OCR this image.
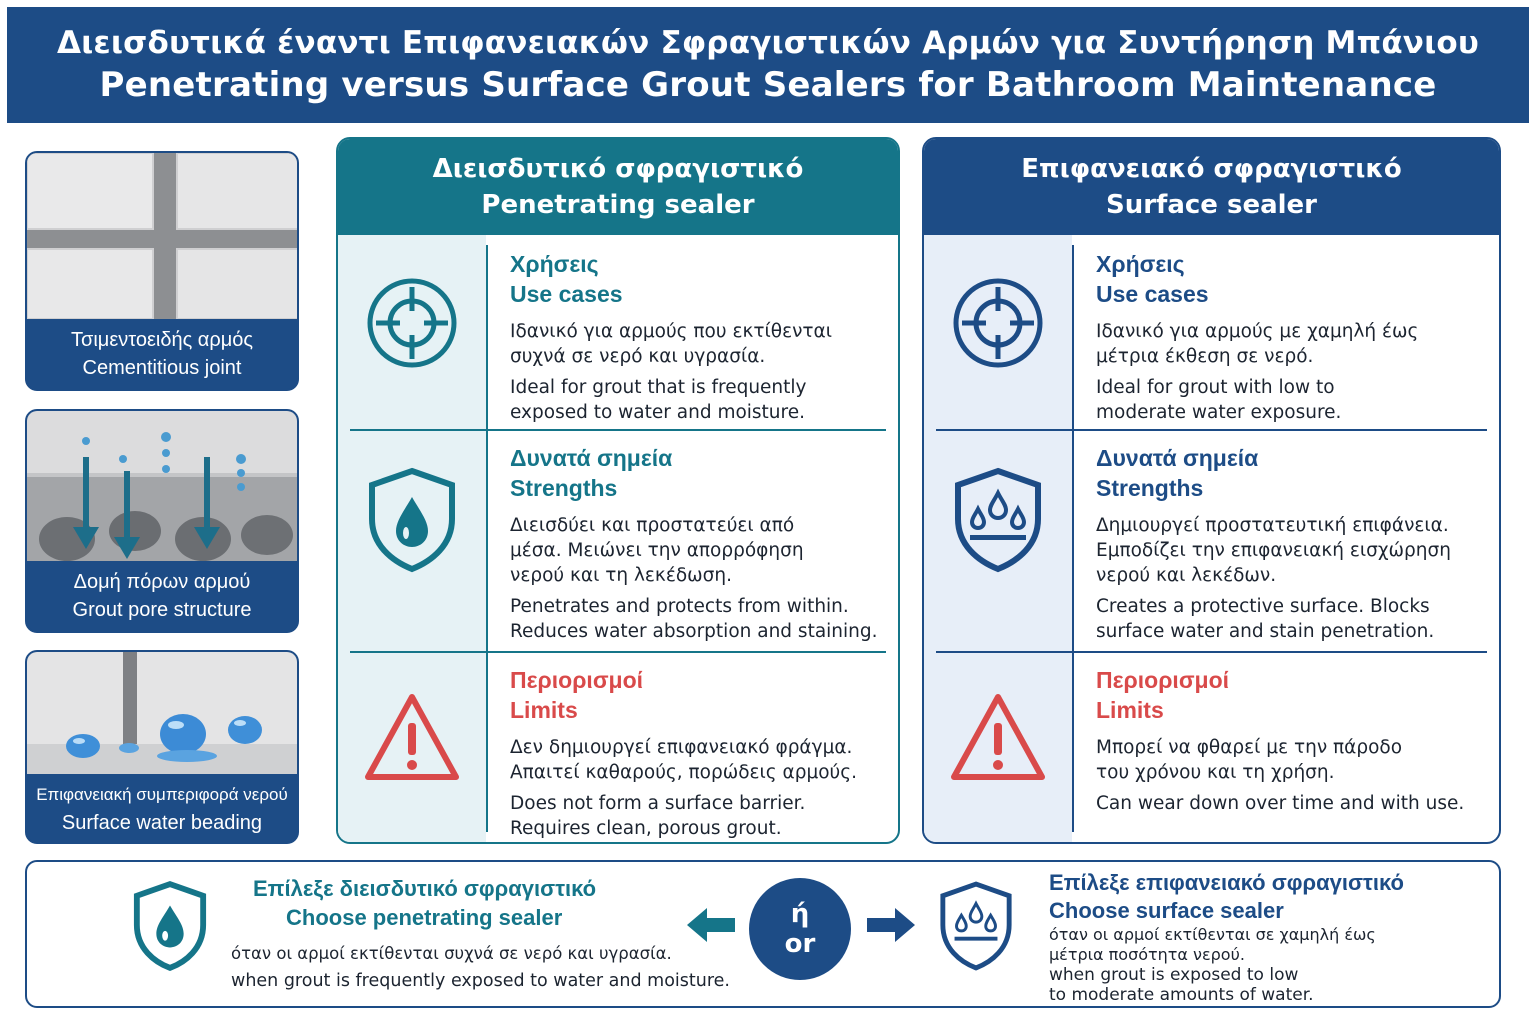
Διεισδυτικά έναντι Επιφανειακών Σφραγιστικών Αρμών για Συντήρηση Μπάνιου
Penetrating versus Surface Grout Sealers for Bathroom Maintenance
Τσιμεντοειδής αρμός
Cementitious joint
Δομή πόρων αρμού
Grout pore structure
Επιφανειακή συμπεριφορά νερού
Surface water beading
Διεισδυτικό σφραγιστικό
Penetrating sealer
Χρήσεις
Use cases
Ιδανικό για αρμούς που εκτίθενται συχνά σε νερό και υγρασία.
Ideal for grout that is frequently exposed to water and moisture.
Δυνατά σημεία
Strengths
Διεισδύει και προστατεύει από μέσα. Μειώνει την απορρόφηση νερού και τη λεκέδωση.
Penetrates and protects from within. Reduces water absorption and staining.
Περιορισμοί
Limits
Δεν δημιουργεί επιφανειακό φράγμα. Απαιτεί καθαρούς, πορώδεις αρμούς.
Does not form a surface barrier. Requires clean, porous grout.
Επιφανειακό σφραγιστικό
Surface sealer
Χρήσεις
Use cases
Ιδανικό για αρμούς με χαμηλή έως μέτρια έκθεση σε νερό.
Ideal for grout with low to moderate water exposure.
Δυνατά σημεία
Strengths
Δημιουργεί προστατευτική επιφάνεια. Εμποδίζει την επιφανειακή εισχώρηση νερού και λεκέδων.
Creates a protective surface. Blocks surface water and stain penetration.
Περιορισμοί
Limits
Μπορεί να φθαρεί με την πάροδο του χρόνου και τη χρήση.
Can wear down over time and with use.
Επίλεξε διεισδυτικό σφραγιστικό
Choose penetrating sealer
όταν οι αρμοί εκτίθενται συχνά σε νερό και υγρασία.
when grout is frequently exposed to water and moisture.
ή
or
Επίλεξε επιφανειακό σφραγιστικό
Choose surface sealer
όταν οι αρμοί εκτίθενται σε χαμηλή έως
μέτρια ποσότητα νερού.
when grout is exposed to low
to moderate amounts of water.
